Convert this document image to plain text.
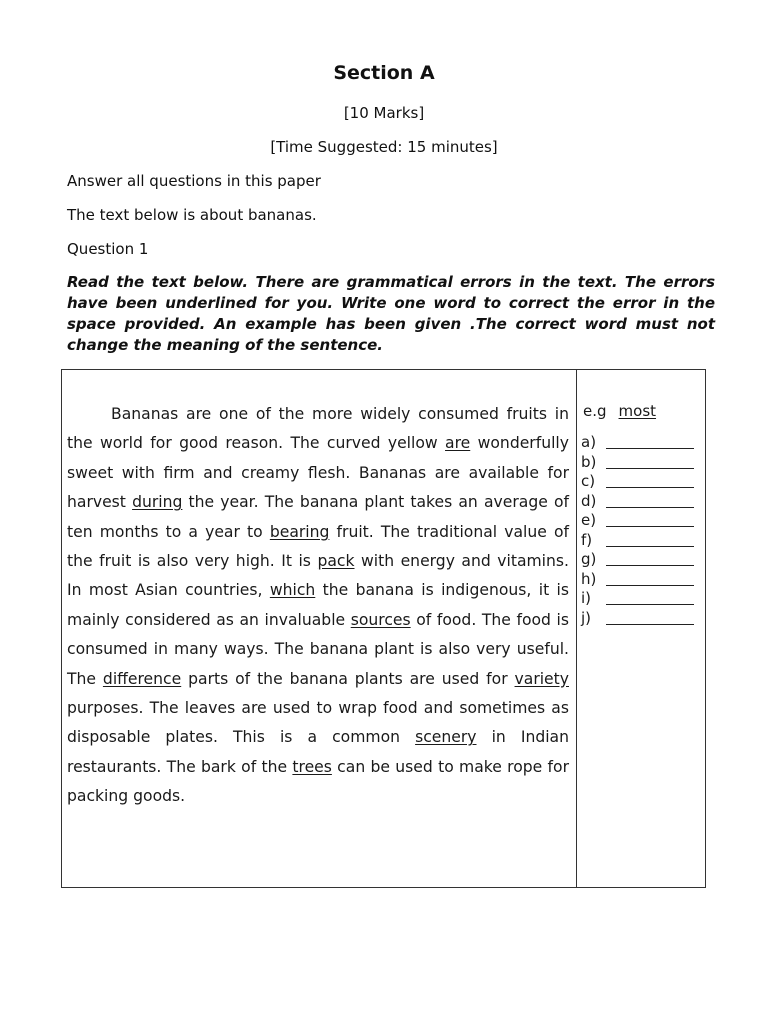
Section A
[10 Marks]
[Time Suggested: 15 minutes]
Answer all questions in this paper
The text below is about bananas.
Question 1
Read the text below. There are grammatical errors in the text. The errors have been underlined for you. Write one word to correct the error in the space provided. An example has been given .The correct word must not change the meaning of the sentence.
Bananas are one of the more widely consumed fruits in the world for good reason. The curved yellow are wonderfully sweet with firm and creamy flesh. Bananas are available for harvest during the year. The banana plant takes an average of ten months to a year to bearing fruit. The traditional value of the fruit is also very high. It is pack with energy and vitamins. In most Asian countries, which the banana is indigenous, it is mainly considered as an invaluable sources of food. The food is consumed in many ways. The banana plant is also very useful. The difference parts of the banana plants are used for variety purposes. The leaves are used to wrap food and sometimes as disposable plates. This is a common scenery in Indian restaurants. The bark of the trees can be used to make rope for packing goods.
e.g most
a)
b)
c)
d)
e)
f)
g)
h)
i)
j)
